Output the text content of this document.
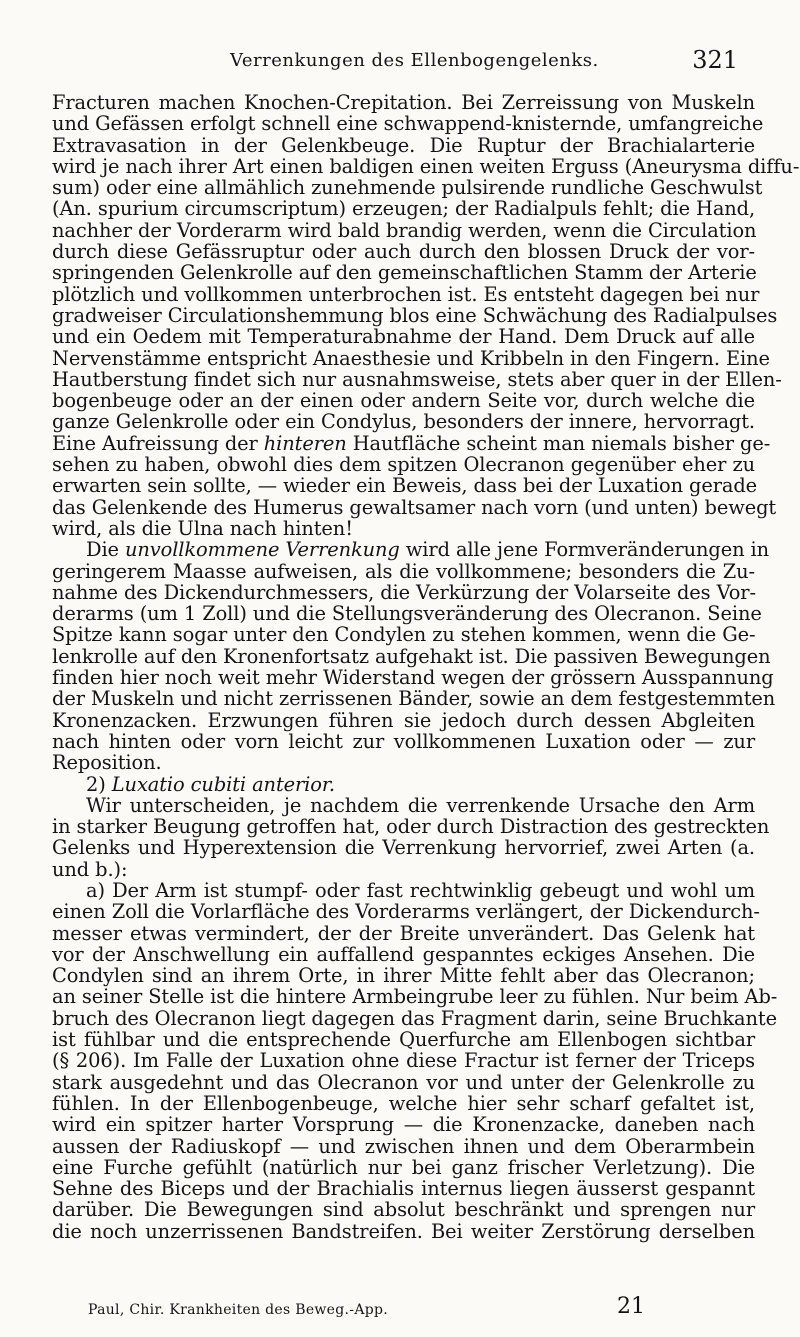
Verrenkungen des Ellenbogengelenks.	321
Fracturen machen Knochen-Crepitation. Bei Zerreissung von Muskeln
und Gefässen erfolgt schnell eine schwappend-knisternde, umfangreiche
Extravasation in der Gelenkbeuge. Die Ruptur der Brachialarterie
wird je nach ihrer Art einen baldigen einen weiten Erguss (Aneurysma diffu-
sum) oder eine allmählich zunehmende pulsirende rundliche Geschwulst
(An. spurium circumscriptum) erzeugen; der Radialpuls fehlt; die Hand,
nachher der Vorderarm wird bald brandig werden, wenn die Circulation
durch diese Gefässruptur oder auch durch den blossen Druck der vor-
springenden Gelenkrolle auf den gemeinschaftlichen Stamm der Arterie
plötzlich und vollkommen unterbrochen ist. Es entsteht dagegen bei nur
gradweiser Circulationshemmung blos eine Schwächung des Radialpulses
und ein Oedem mit Temperaturabnahme der Hand. Dem Druck auf alle
Nervenstämme entspricht Anaesthesie und Kribbeln in den Fingern. Eine
Hautberstung findet sich nur ausnahmsweise, stets aber quer in der Ellen-
bogenbeuge oder an der einen oder andern Seite vor, durch welche die
ganze Gelenkrolle oder ein Condylus, besonders der innere, hervorragt.
Eine Aufreissung der hinteren Hautfläche scheint man niemals bisher ge-
sehen zu haben, obwohl dies dem spitzen Olecranon gegenüber eher zu
erwarten sein sollte, — wieder ein Beweis, dass bei der Luxation gerade
das Gelenkende des Humerus gewaltsamer nach vorn (und unten) bewegt
wird, als die Ulna nach hinten!
Die unvollkommene Verrenkung wird alle jene Formveränderungen in
geringerem Maasse aufweisen, als die vollkommene; besonders die Zu-
nahme des Dickendurchmessers, die Verkürzung der Volarseite des Vor-
derarms (um 1 Zoll) und die Stellungsveränderung des Olecranon. Seine
Spitze kann sogar unter den Condylen zu stehen kommen, wenn die Ge-
lenkrolle auf den Kronenfortsatz aufgehakt ist. Die passiven Bewegungen
finden hier noch weit mehr Widerstand wegen der grössern Ausspannung
der Muskeln und nicht zerrissenen Bänder, sowie an dem festgestemmten
Kronenzacken. Erzwungen führen sie jedoch durch dessen Abgleiten
nach hinten oder vorn leicht zur vollkommenen Luxation oder — zur
Reposition.
2) Luxatio cubiti anterior.
Wir unterscheiden, je nachdem die verrenkende Ursache den Arm
in starker Beugung getroffen hat, oder durch Distraction des gestreckten
Gelenks und Hyperextension die Verrenkung hervorrief, zwei Arten (a.
und b.):
a) Der Arm ist stumpf- oder fast rechtwinklig gebeugt und wohl um
einen Zoll die Vorlarfläche des Vorderarms verlängert, der Dickendurch-
messer etwas vermindert, der der Breite unverändert. Das Gelenk hat
vor der Anschwellung ein auffallend gespanntes eckiges Ansehen. Die
Condylen sind an ihrem Orte, in ihrer Mitte fehlt aber das Olecranon;
an seiner Stelle ist die hintere Armbeingrube leer zu fühlen. Nur beim Ab-
bruch des Olecranon liegt dagegen das Fragment darin, seine Bruchkante
ist fühlbar und die entsprechende Querfurche am Ellenbogen sichtbar
(§ 206). Im Falle der Luxation ohne diese Fractur ist ferner der Triceps
stark ausgedehnt und das Olecranon vor und unter der Gelenkrolle zu
fühlen. In der Ellenbogenbeuge, welche hier sehr scharf gefaltet ist,
wird ein spitzer harter Vorsprung — die Kronenzacke, daneben nach
aussen der Radiuskopf — und zwischen ihnen und dem Oberarmbein
eine Furche gefühlt (natürlich nur bei ganz frischer Verletzung). Die
Sehne des Biceps und der Brachialis internus liegen äusserst gespannt
darüber. Die Bewegungen sind absolut beschränkt und sprengen nur
die noch unzerrissenen Bandstreifen. Bei weiter Zerstörung derselben
Paul, Chir. Krankheiten des Beweg.-App.	21
